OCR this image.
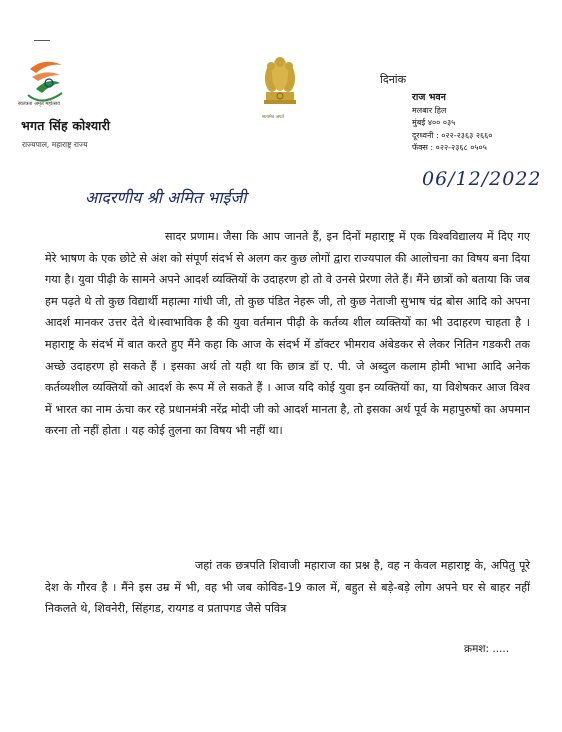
स्वतंत्रता अमृत महोत्सव
भगत सिंह कोश्यारी
राज्यपाल, महाराष्ट्र राज्य
सत्यमेव जयते
दिनांक
राज भवन
मलबार हिल
मुंबई ४०० ०३५
दूरध्वनी : ०२२-२३६३ २६६०
फॅक्स : ०२२-२३६८ ०५०५
06/12/2022
आदरणीय श्री अमित भाईजी
सादर प्रणाम। जैसा कि आप जानते हैं, इन दिनों महाराष्ट्र में एक विश्वविद्यालय में दिए गए मेरे भाषण के एक छोटे से अंश को संपूर्ण संदर्भ से अलग कर कुछ लोगों द्वारा राज्यपाल की आलोचना का विषय बना दिया गया है। युवा पीढ़ी के सामने अपने आदर्श व्यक्तियों के उदाहरण हो तो वे उनसे प्रेरणा लेते हैं। मैंने छात्रों को बताया कि जब हम पढ़ते थे तो कुछ विद्यार्थी महात्मा गांधी जी, तो कुछ पंडित नेहरू जी, तो कुछ नेताजी सुभाष चंद्र बोस आदि को अपना आदर्श मानकर उत्तर देते थे।स्वाभाविक है की युवा वर्तमान पीढ़ी के कर्तव्य शील व्यक्तियों का भी उदाहरण चाहता है । महाराष्ट्र के संदर्भ में बात करते हुए मैंने कहा कि आज के संदर्भ में डॉक्टर भीमराव अंबेडकर से लेकर नितिन गडकरी तक अच्छे उदाहरण हो सकते हैं । इसका अर्थ तो यही था कि छात्र डॉ ए. पी. जे अब्दुल कलाम होमी भाभा आदि अनेक कर्तव्यशील व्यक्तियों को आदर्श के रूप में ले सकते हैं । आज यदि कोई युवा इन व्यक्तियों का, या विशेषकर आज विश्व में भारत का नाम ऊंचा कर रहे प्रधानमंत्री नरेंद्र मोदी जी को आदर्श मानता है, तो इसका अर्थ पूर्व के महापुरुषों का अपमान करना तो नहीं होता । यह कोई तुलना का विषय भी नहीं था।
जहां तक छत्रपति शिवाजी महाराज का प्रश्न है, वह न केवल महाराष्ट्र के, अपितु पूरे देश के गौरव है । मैंने इस उम्र में भी, वह भी जब कोविड-19 काल में, बहुत से बड़े-बड़े लोग अपने घर से बाहर नहीं निकलते थे, शिवनेरी, सिंहगड, रायगड व प्रतापगड जैसे पवित्र
क्रमश: .....
